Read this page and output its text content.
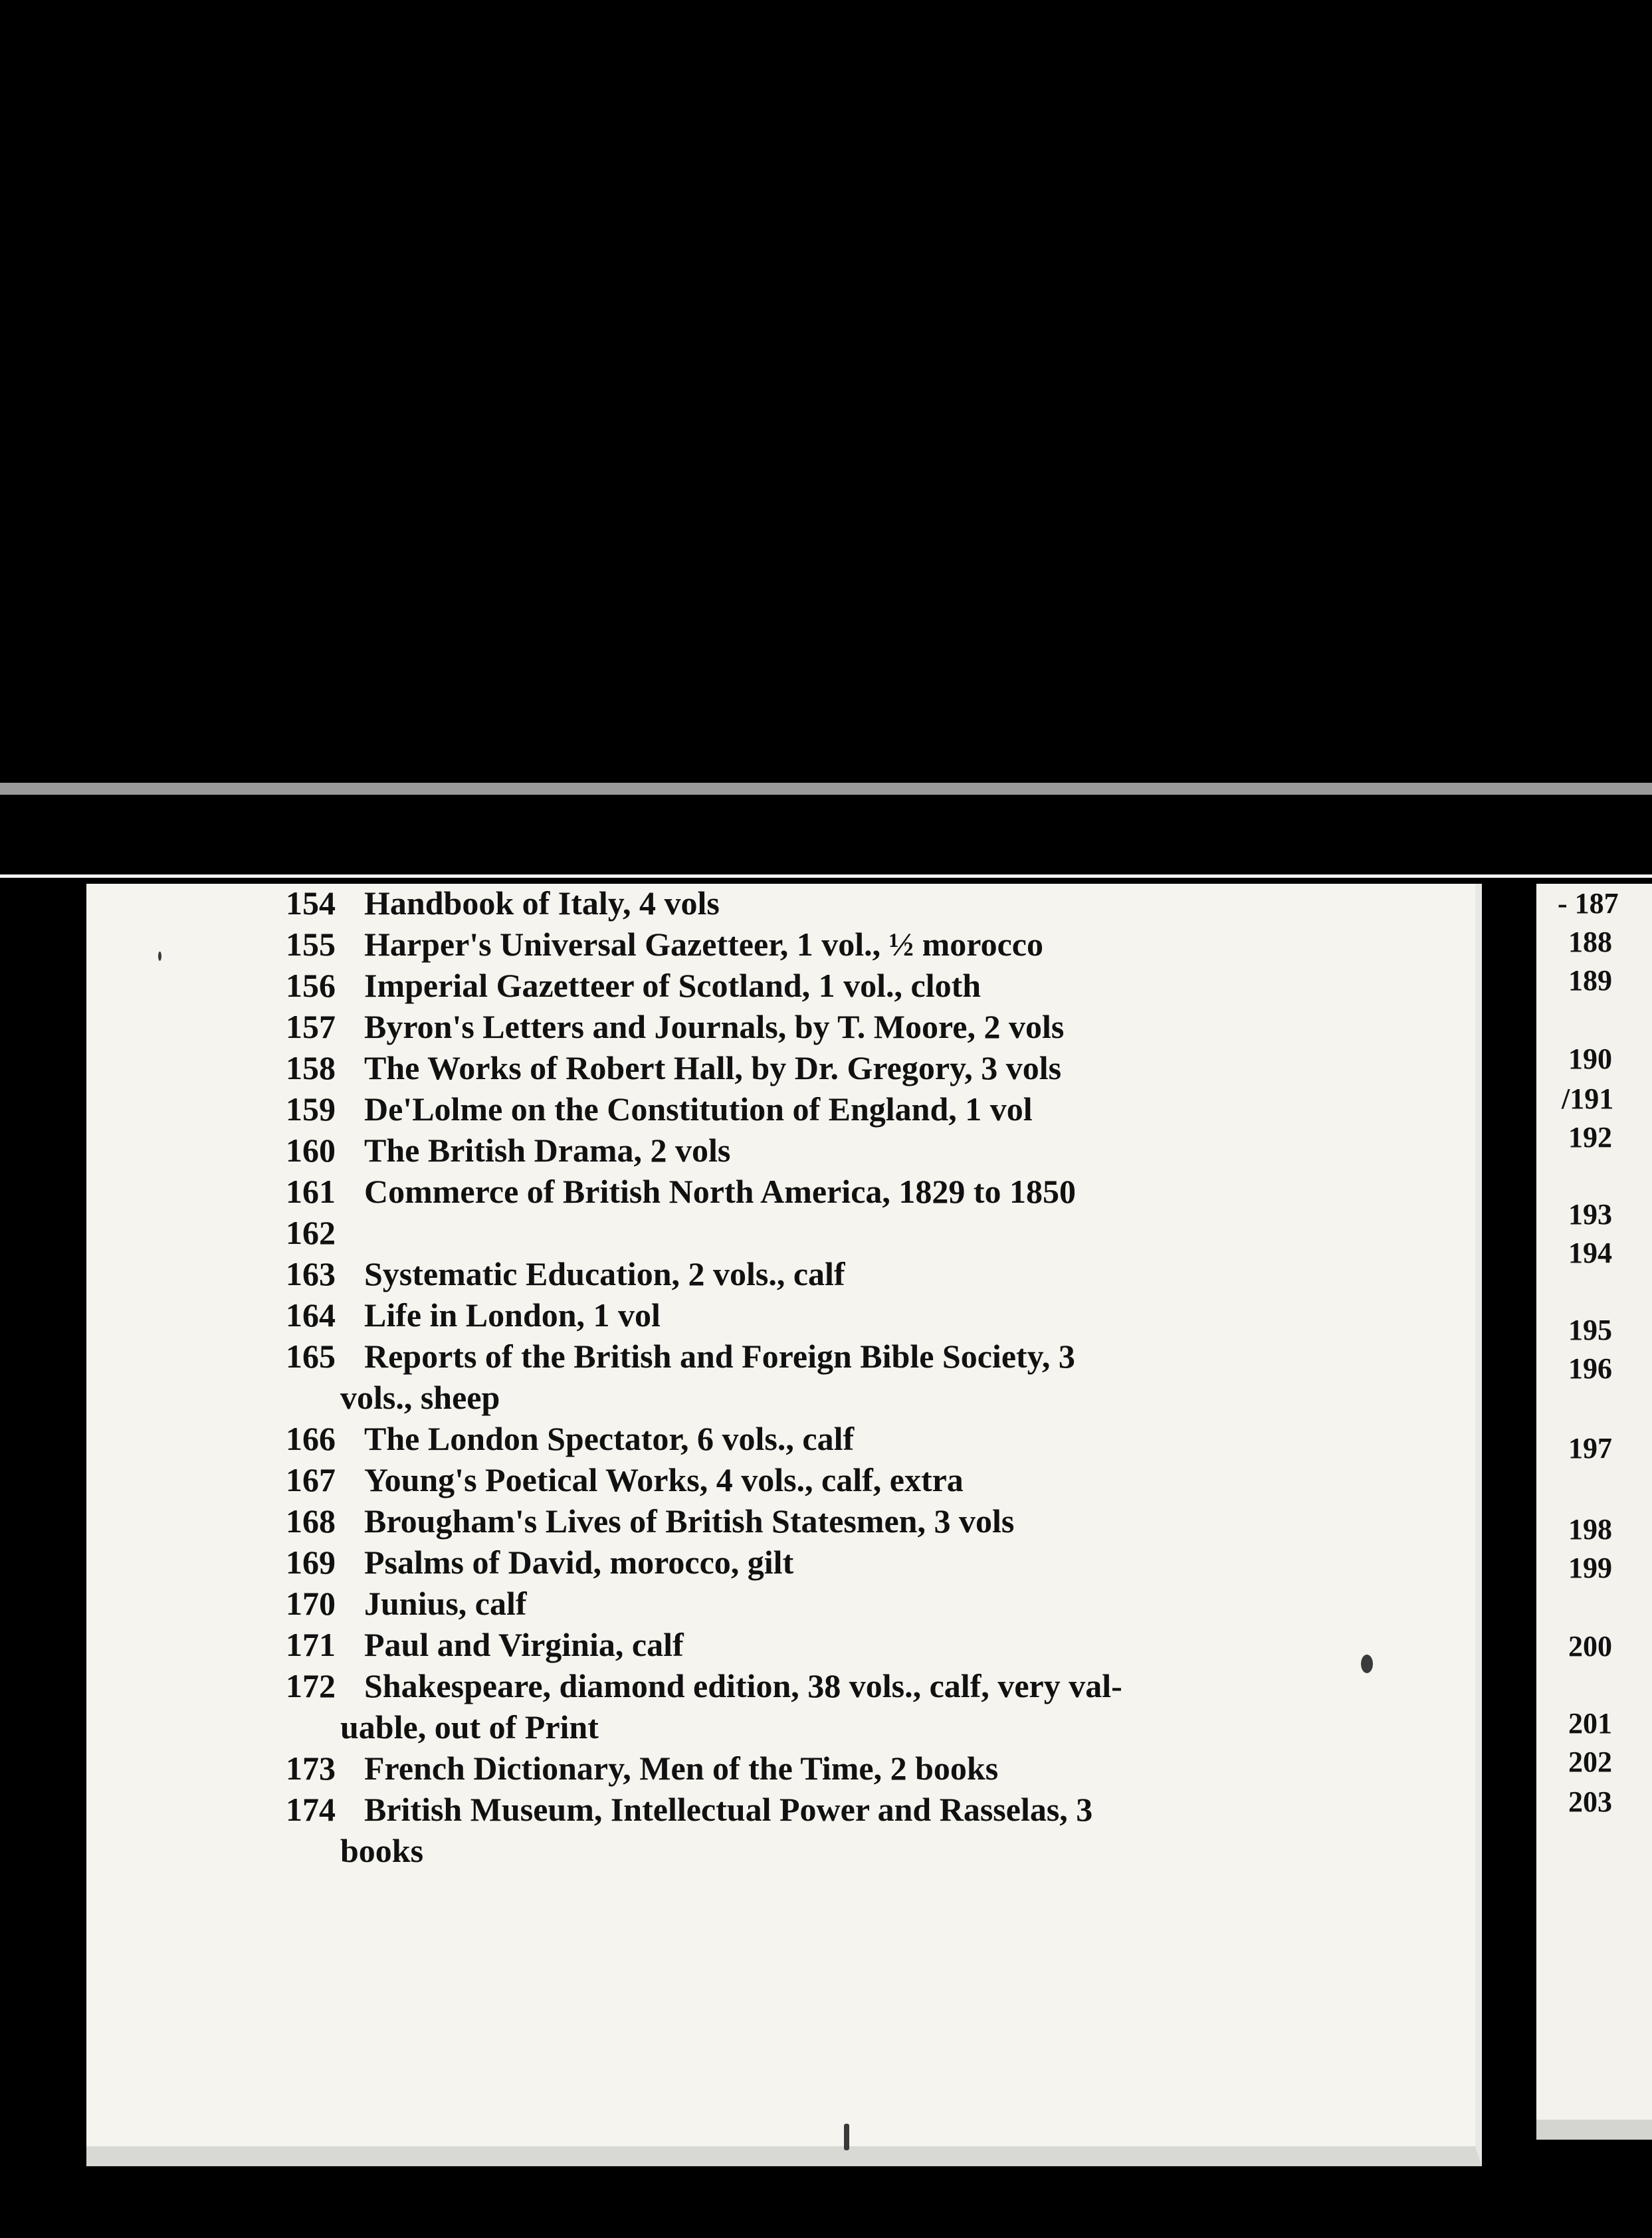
154 Handbook of Italy, 4 vols
155 Harper's Universal Gazetteer, 1 vol., ½ morocco
156 Imperial Gazetteer of Scotland, 1 vol., cloth
157 Byron's Letters and Journals, by T. Moore, 2 vols
158 The Works of Robert Hall, by Dr. Gregory, 3 vols
159 De'Lolme on the Constitution of England, 1 vol
160 The British Drama, 2 vols
161 Commerce of British North America, 1829 to 1850
162
163 Systematic Education, 2 vols., calf
164 Life in London, 1 vol
165 Reports of the British and Foreign Bible Society, 3
vols., sheep
166 The London Spectator, 6 vols., calf
167 Young's Poetical Works, 4 vols., calf, extra
168 Brougham's Lives of British Statesmen, 3 vols
169 Psalms of David, morocco, gilt
170 Junius, calf
171 Paul and Virginia, calf
172 Shakespeare, diamond edition, 38 vols., calf, very val-
uable, out of Print
173 French Dictionary, Men of the Time, 2 books
174 British Museum, Intellectual Power and Rasselas, 3
books
- 187
188
189
190
/191
192
193
194
195
196
197
198
199
200
201
202
203
